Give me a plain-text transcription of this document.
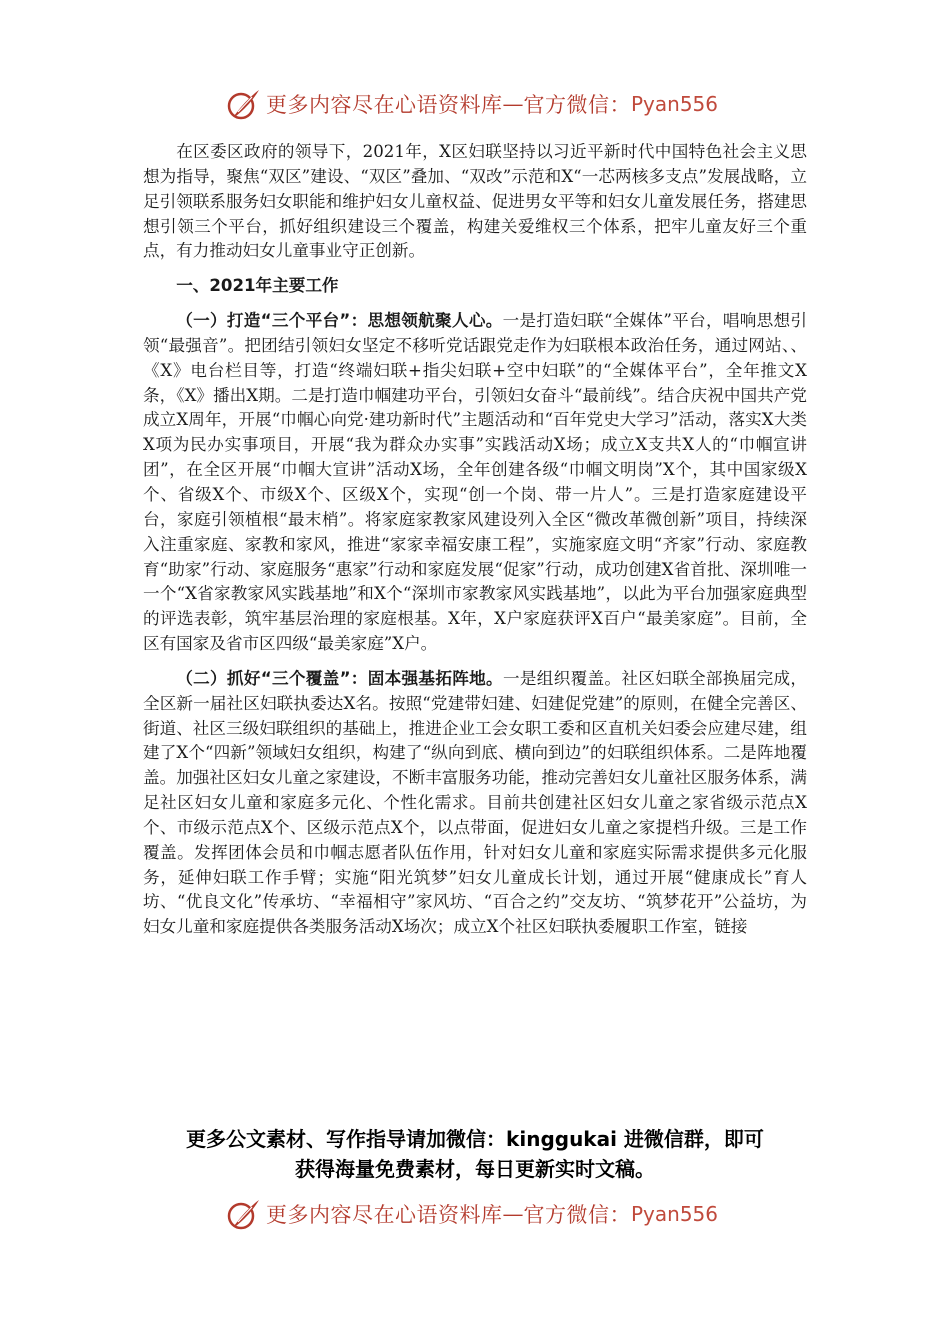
更多内容尽在心语资料库 — 官方微信： Pyan556

在区委区政府的领导下，2021年，X区妇联坚持以习近平新时代中国特色社会主义思想为指导，聚焦“双区”建设、“双区”叠加、“双改”示范和X“一芯两核多支点”发展战略，立足引领联系服务妇女职能和维护妇女儿童权益、促进男女平等和妇女儿童发展任务，搭建思想引领三个平台，抓好组织建设三个覆盖，构建关爱维权三个体系，把牢儿童友好三个重点，有力推动妇女儿童事业守正创新。

一、2021年主要工作

（一）打造“三个平台”：思想领航聚人心。一是打造妇联“全媒体”平台，唱响思想引领“最强音”。把团结引领妇女坚定不移听党话跟党走作为妇联根本政治任务，通过网站、、《X》电台栏目等，打造“终端妇联+指尖妇联+空中妇联”的“全媒体平台”，全年推文X条，《X》播出X期。二是打造巾帼建功平台，引领妇女奋斗“最前线”。结合庆祝中国共产党成立X周年，开展“巾帼心向党·建功新时代”主题活动和“百年党史大学习”活动，落实X大类X项为民办实事项目，开展“我为群众办实事”实践活动X场；成立X支共X人的“巾帼宣讲团”，在全区开展“巾帼大宣讲”活动X场，全年创建各级“巾帼文明岗”X个，其中国家级X个、省级X个、市级X个、区级X个，实现“创一个岗、带一片人”。三是打造家庭建设平台，家庭引领植根“最末梢”。将家庭家教家风建设列入全区“微改革微创新”项目，持续深入注重家庭、家教和家风，推进“家家幸福安康工程”，实施家庭文明“齐家”行动、家庭教育“助家”行动、家庭服务“惠家”行动和家庭发展“促家”行动，成功创建X省首批、深圳唯一一个“X省家教家风实践基地”和X个“深圳市家教家风实践基地”，以此为平台加强家庭典型的评选表彰，筑牢基层治理的家庭根基。X年，X户家庭获评X百户“最美家庭”。目前，全区有国家及省市区四级“最美家庭”X户。

（二）抓好“三个覆盖”：固本强基拓阵地。一是组织覆盖。社区妇联全部换届完成，全区新一届社区妇联执委达X名。按照“党建带妇建、妇建促党建”的原则，在健全完善区、街道、社区三级妇联组织的基础上，推进企业工会女职工委和区直机关妇委会应建尽建，组建了X个“四新”领域妇女组织，构建了“纵向到底、横向到边”的妇联组织体系。二是阵地覆盖。加强社区妇女儿童之家建设，不断丰富服务功能，推动完善妇女儿童社区服务体系，满足社区妇女儿童和家庭多元化、个性化需求。目前共创建社区妇女儿童之家省级示范点X个、市级示范点X个、区级示范点X个，以点带面，促进妇女儿童之家提档升级。三是工作覆盖。发挥团体会员和巾帼志愿者队伍作用，针对妇女儿童和家庭实际需求提供多元化服务，延伸妇联工作手臂；实施“阳光筑梦”妇女儿童成长计划，通过开展“健康成长”育人坊、“优良文化”传承坊、“幸福相守”家风坊、“百合之约”交友坊、“筑梦花开”公益坊，为妇女儿童和家庭提供各类服务活动X场次；成立X个社区妇联执委履职工作室，链接

更多公文素材、写作指导请加微信：kinggukai 进微信群，即可
获得海量免费素材，每日更新实时文稿。
更多内容尽在心语资料库 — 官方微信： Pyan556
